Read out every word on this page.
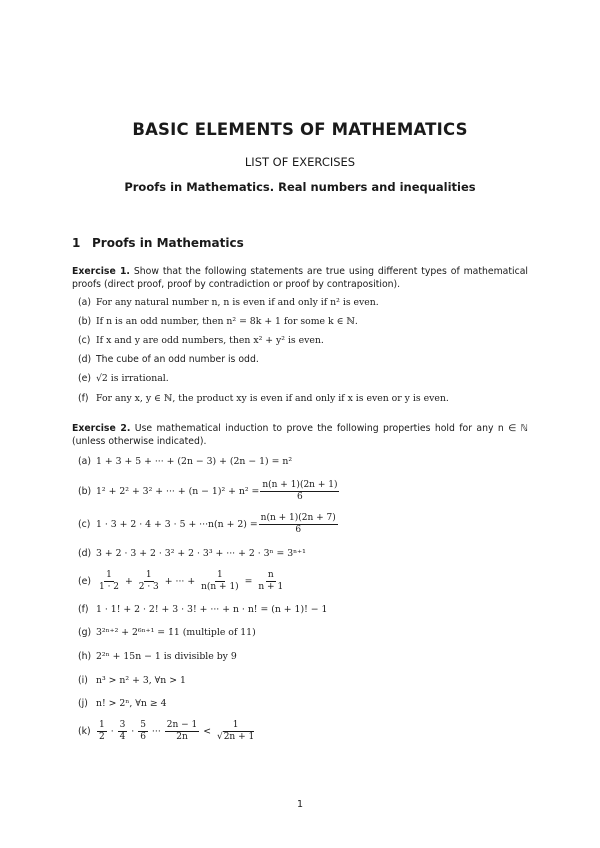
BASIC ELEMENTS OF MATHEMATICS
LIST OF EXERCISES
Proofs in Mathematics. Real numbers and inequalities
1 Proofs in Mathematics
Exercise 1. Show that the following statements are true using different types of mathematical proofs (direct proof, proof by contradiction or proof by contraposition).
(a) For any natural number n, n is even if and only if n² is even.
(b) If n is an odd number, then n² = 8k + 1 for some k ∈ ℕ.
(c) If x and y are odd numbers, then x² + y² is even.
(d) The cube of an odd number is odd.
(e) √2 is irrational.
(f) For any x, y ∈ ℕ, the product xy is even if and only if x is even or y is even.
Exercise 2. Use mathematical induction to prove the following properties hold for any n ∈ ℕ (unless otherwise indicated).
(a) 1 + 3 + 5 + ··· + (2n − 3) + (2n − 1) = n²
(b) 1² + 2² + 3² + ··· + $(n - 1)^2 + n^2 = \frac{n(n + 1)(2n + 1)}{6}$
(c) $1 \cdot 3 + 2 \cdot 4 + 3 \cdot 5 + \cdot\cdot\cdot n(n + 2) = \frac{n(n + 1)(2n + 7)}{6}$
(d) 3 + 2 · 3 + 2 · 3² + 2 · 3³ + ··· + 2 · 3ⁿ = 3ⁿ⁺¹
$(e) \frac{1}{1 \cdot 2} + \frac{1}{2 \cdot 3}$ + ··· + $\frac{1}{n(n + 1)} = \frac{n}{n + 1}$
(f) 1 · 1! + 2 · 2! + 3 · 3! + ··· + n · n! = (n + 1)! − 1
(g) 3²ⁿ⁺² + 2⁶ⁿ⁺¹ = 1̇1 (multiple of 11)
(h) 2²ⁿ + 15n − 1 is divisible by 9
(i) n³ > n² + 3, ∀n > 1
(j) n! > 2ⁿ, ∀n ≥ 4
$(k) \frac{1}{2} \cdot \frac{3}{4} \cdot \frac{5}{6}$ ··· $\frac{2n - 1}{2n} < \frac{1}{√2n + 1}$
1
